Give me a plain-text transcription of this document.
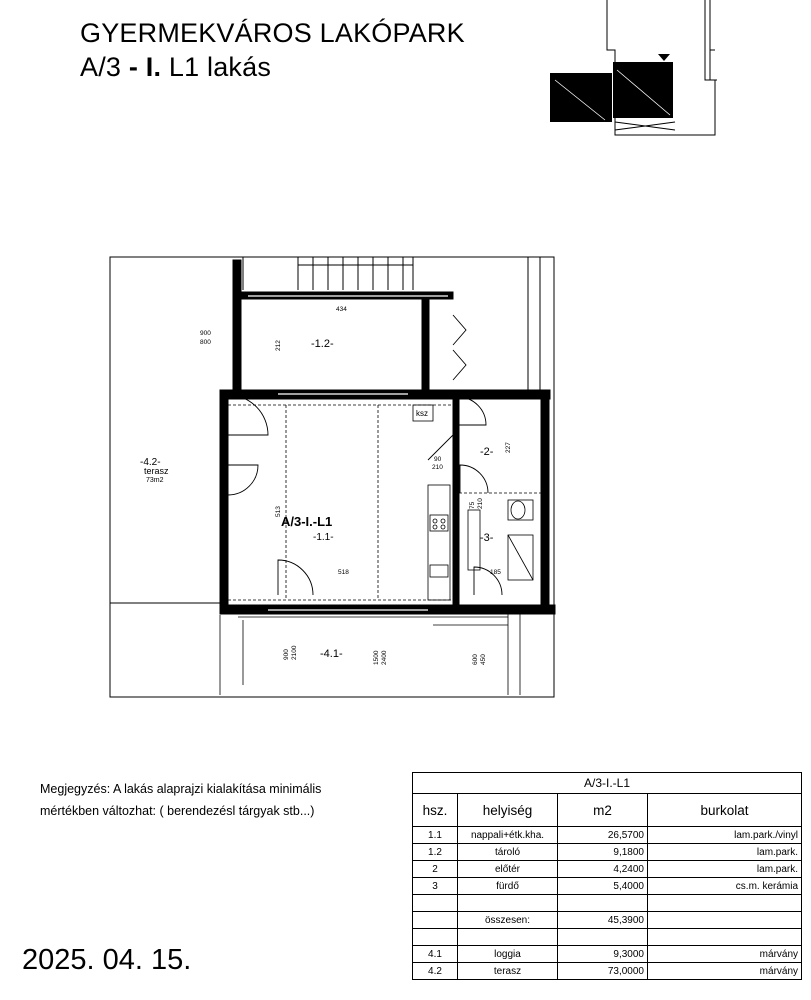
GYERMEKVÁROS LAKÓPARK
A/3 - I. L1 lakás
434
212
900
800
513
518
227
185
90
210
75 210
1500 2400
900 2100	600 450
ksz
A/3-I.-L1
-1.1-
-1.2-
-2-
-3-
-4.1-
-4.2-
terasz
73m2
Megjegyzés: A lakás alaprajzi kialakítása minimális
mértékben változhat: ( berendezésl tárgyak stb...)
2025. 04. 15.
A/3-I.-L1			
hsz.	helyiség	m2	burkolat
1.1	nappali+étk.kha.	26,5700	lam.park./vinyl
1.2	tároló	9,1800	lam.park.
2	előtér	4,2400	lam.park.
3	fürdő	5,4000	cs.m. kerámia

	összesen:	45,3900	

4.1	loggia	9,3000	márvány
4.2	terasz	73,0000	márvány
